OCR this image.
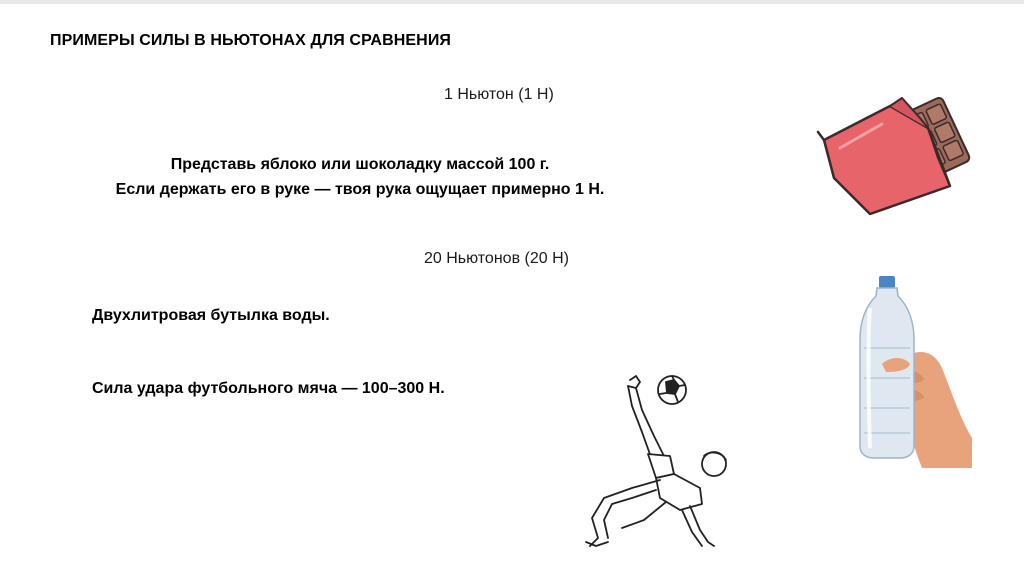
ПРИМЕРЫ СИЛЫ В НЬЮТОНАХ ДЛЯ СРАВНЕНИЯ
1 Ньютон (1 Н)
Представь яблоко или шоколадку массой 100 г.
Если держать его в руке — твоя рука ощущает примерно 1 Н.
20 Ньютонов (20 Н)
Двухлитровая бутылка воды.
Сила удара футбольного мяча — 100–300 Н.
